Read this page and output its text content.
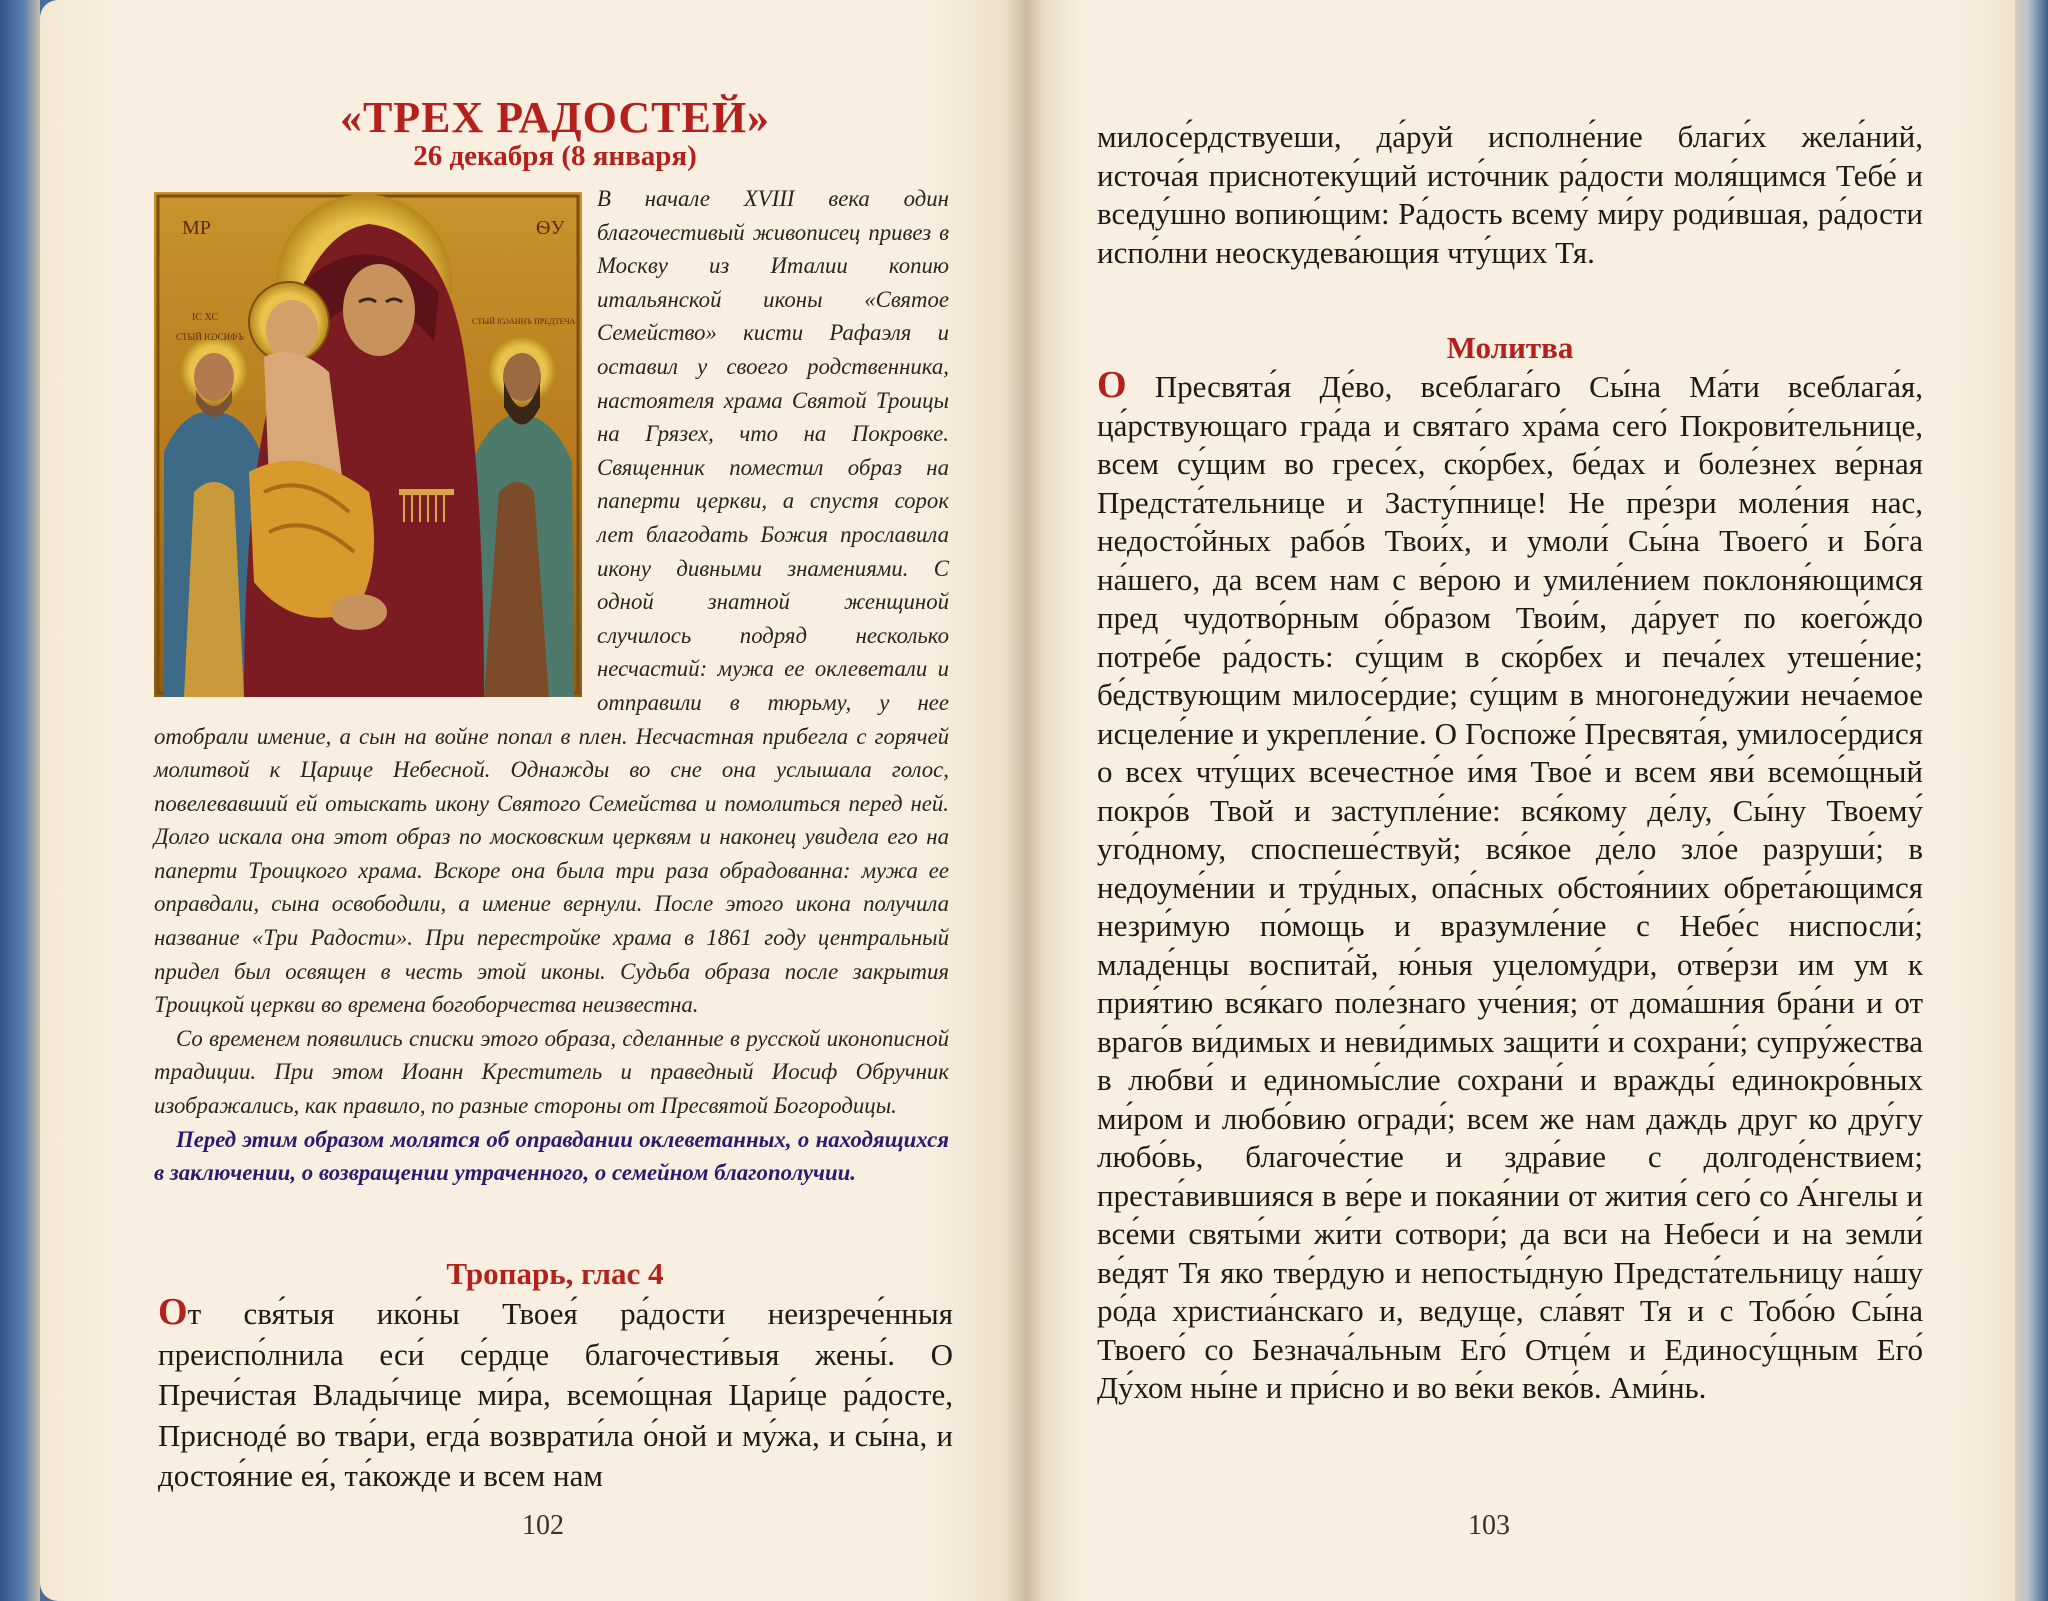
«ТРЕХ РАДОСТЕЙ»
26 декабря (8 января)
МР	ѲУ
ІС ХС
СТЫЙ ІѠСИФЪ
СТЫЙ ІѠАННЪ ПРЕДТЕЧА

В начале XVIII века один благочестивый живописец привез в Москву из Италии копию итальянской иконы «Святое Семейство» кисти Рафаэля и оставил у своего родственника, настоятеля храма Святой Троицы на Грязех, что на Покровке. Священник поместил образ на паперти церкви, а спустя сорок лет благодать Божия прославила икону дивными знамениями. С одной знатной женщиной случилось подряд несколько несчастий: мужа ее оклеветали и отправили в тюрьму, у нее отобрали имение, а сын на войне попал в плен. Несчастная прибегла с горячей молитвой к Царице Небесной. Однажды во сне она услышала голос, повелевавший ей отыскать икону Святого Семейства и помолиться перед ней. Долго искала она этот образ по московским церквям и наконец увидела его на паперти Троицкого храма. Вскоре она была три раза обрадованна: мужа ее оправдали, сына освободили, а имение вернули. После этого икона получила название «Три Радости». При перестройке храма в 1861 году центральный придел был освящен в честь этой иконы. Судьба образа после закрытия Троицкой церкви во времена богоборчества неизвестна.

Со временем появились списки этого образа, сделанные в русской иконописной традиции. При этом Иоанн Креститель и праведный Иосиф Обручник изображались, как правило, по разные стороны от Пресвятой Богородицы.

Перед этим образом молятся об оправдании оклеветанных, о находящихся в заключении, о возвращении утраченного, о семейном благополучии.

Тропарь, глас 4
От свя́тыя ико́ны Твоея́ ра́дости неизрече́нныя преиспо́лнила еси́ се́рдце благочести́выя жены́. О Пречи́стая Влады́чице ми́ра, всемо́щная Цари́це ра́досте, Приснодé во тва́ри, егда́ возврати́ла о́ной и му́жа, и сы́на, и достоя́ние ея́, та́кожде и всем нам
102
милосе́рдствуеши, да́руй исполне́ние благи́х жела́ний, источа́я приснотеку́щий исто́чник ра́дости моля́щимся Тебе́ и вседу́шно вопию́щим: Ра́дость всему́ ми́ру роди́вшая, ра́дости испо́лни неоскудева́ющия чту́щих Тя.
Молитва
О Пресвята́я Де́во, всеблага́го Сы́на Ма́ти всеблага́я, ца́рствующаго гра́да и свята́го хра́ма сего́ Покрови́тельнице, всем су́щим во гресе́х, ско́рбех, бе́дах и боле́знех ве́рная Предста́тельнице и Засту́пнице! Не пре́зри моле́ния нас, недосто́йных рабо́в Твои́х, и умоли́ Сы́на Твоего́ и Бо́га на́шего, да всем нам с ве́рою и умиле́нием поклоня́ющимся пред чудотво́рным о́бразом Твои́м, да́рует по коего́ждо потре́бе ра́дость: су́щим в ско́рбех и печа́лех утеше́ние; бе́дствующим милосе́рдие; су́щим в многонеду́жии неча́емое исцеле́ние и укрепле́ние. О Госпоже́ Пресвята́я, умилосе́рдися о всех чту́щих всечестно́е и́мя Твое́ и всем яви́ всемо́щный покро́в Твой и заступле́ние: вся́кому де́лу, Сы́ну Твоему́ уго́дному, споспеше́ствуй; вся́кое де́ло зло́е разруши́; в недоуме́нии и тру́дных, опа́сных обстоя́ниих обрета́ющимся незри́мую по́мощь и вразумле́ние с Небе́с ниспосли́; младе́нцы воспита́й, ю́ныя уцелому́дри, отве́рзи им ум к прия́тию вся́каго поле́знаго уче́ния; от дома́шния бра́ни и от враго́в ви́димых и неви́димых защити́ и сохрани́; супру́жества в любви́ и единомы́слие сохрани́ и вражды́ единокро́вных ми́ром и любо́вию огради́; всем же нам даждь друг ко дру́гу любо́вь, благоче́стие и здра́вие с долгоде́нствием; преста́вившияся в ве́ре и покая́нии от жития́ сего́ со А́нгелы и все́ми святы́ми жи́ти сотвори́; да вси на Небеси́ и на земли́ ве́дят Тя яко тве́рдую и непосты́дную Предста́тельницу на́шу ро́да христиа́нскаго и, ведуще, сла́вят Тя и с Тобо́ю Сы́на Твоего́ со Безнача́льным Его́ Отце́м и Единосу́щным Его́ Ду́хом ны́не и при́сно и во ве́ки веко́в. Ами́нь.
103
